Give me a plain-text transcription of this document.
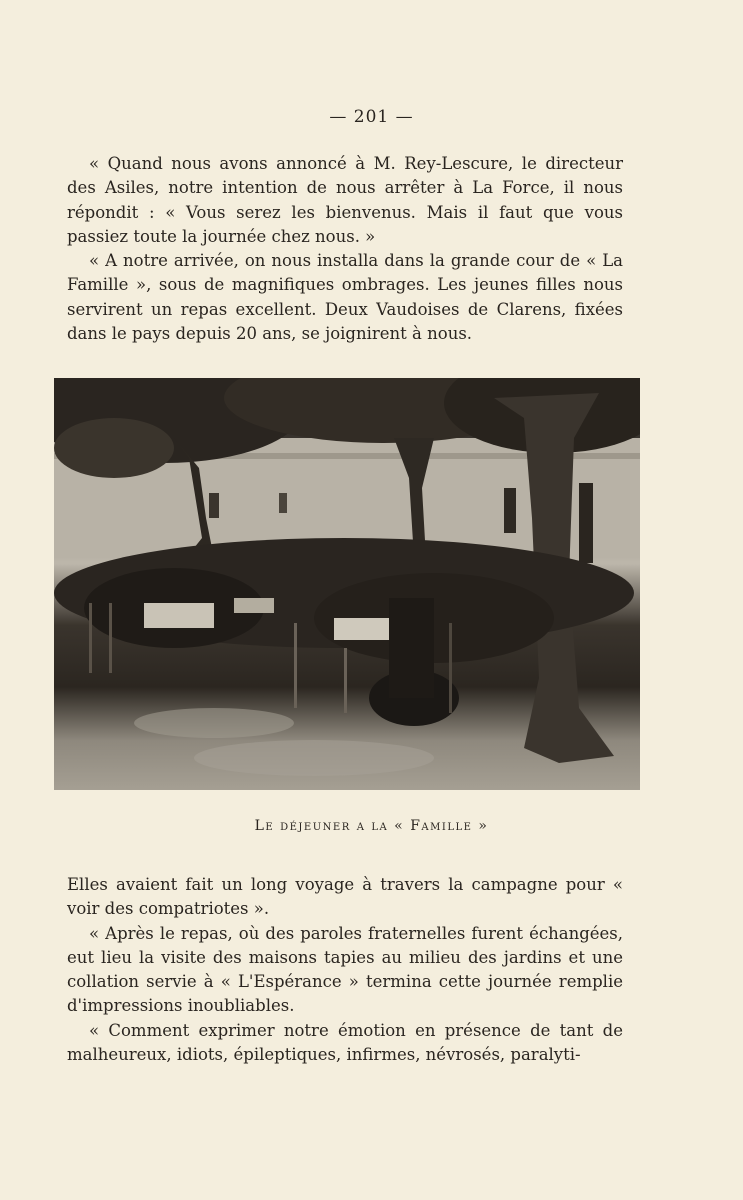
— 201 —

« Quand nous avons annoncé à M. Rey-Lescure, le directeur des Asiles, notre intention de nous arrêter à La Force, il nous répondit : « Vous serez les bienvenus. Mais il faut que vous passiez toute la journée chez nous. »

« A notre arrivée, on nous installa dans la grande cour de « La Famille », sous de magnifiques ombrages. Les jeunes filles nous servirent un repas excellent. Deux Vaudoises de Clarens, fixées dans le pays depuis 20 ans, se joignirent à nous.

Le déjeuner a la « Famille »

Elles avaient fait un long voyage à travers la campagne pour « voir des compatriotes ».

« Après le repas, où des paroles fraternelles furent échangées, eut lieu la visite des maisons tapies au milieu des jardins et une collation servie à « L'Espérance » termina cette journée remplie d'impressions inoubliables.

« Comment exprimer notre émotion en présence de tant de malheureux, idiots, épileptiques, infirmes, névrosés, paralyti-
